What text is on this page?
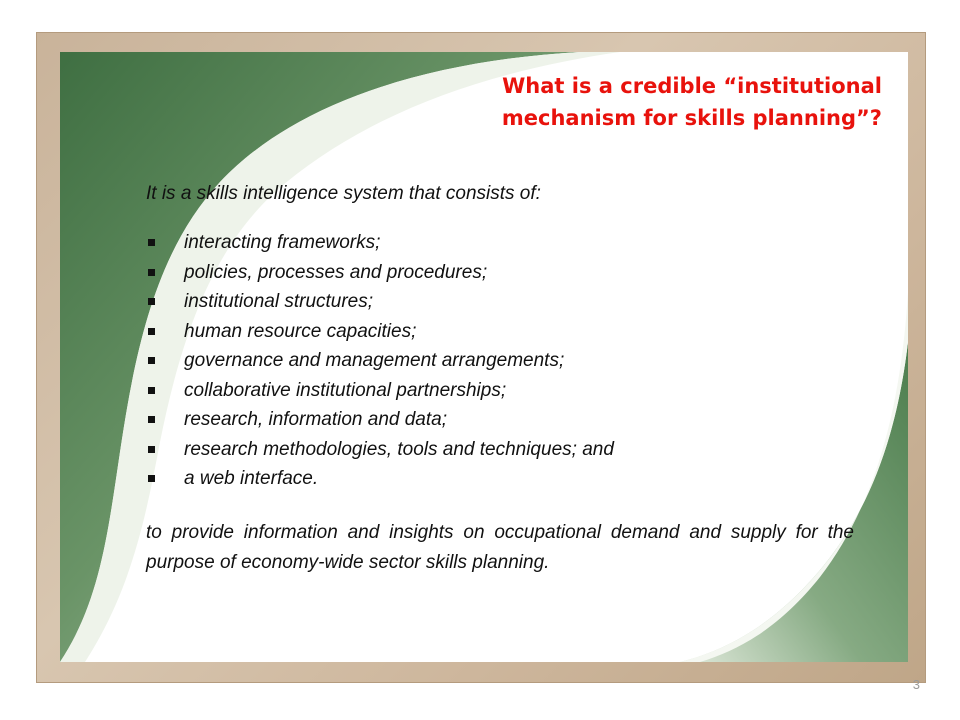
What is a credible “institutional mechanism for skills planning”?

It is a skills intelligence system that consists of:

interacting frameworks;
policies, processes and procedures;
institutional structures;
human resource capacities;
governance and management arrangements;
collaborative institutional partnerships;
research, information and data;
research methodologies, tools and techniques; and
a web interface.

to provide information and insights on occupational demand and supply for the purpose of economy-wide sector skills planning.

3
